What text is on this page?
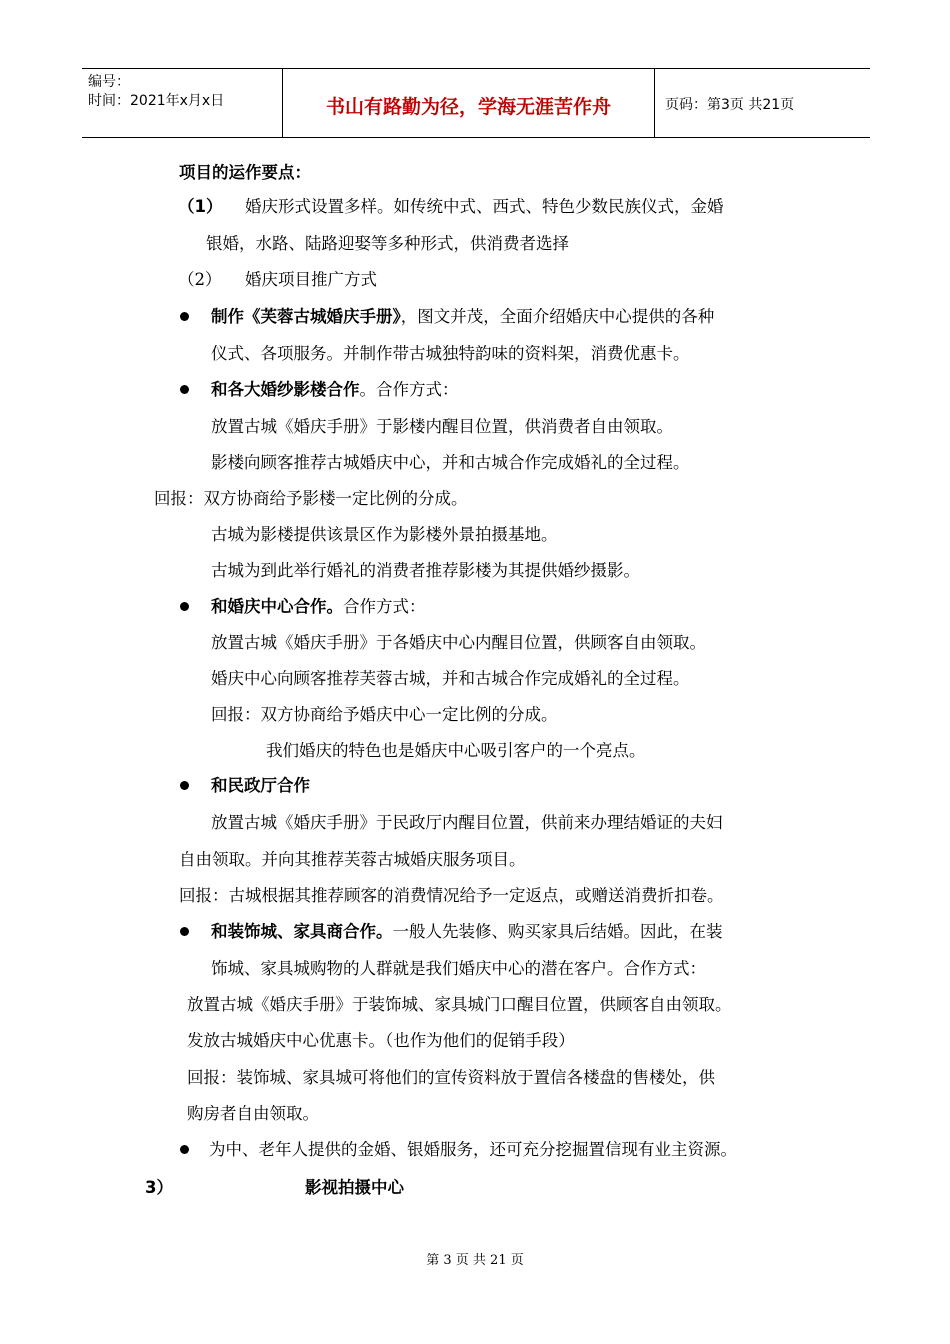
编号：
时间：2021年x月x日	书山有路勤为径，学海无涯苦作舟	页码：第3页 共21页
项目的运作要点：
（1） 婚庆形式设置多样。如传统中式、西式、特色少数民族仪式，金婚
银婚，水路、陆路迎娶等多种形式，供消费者选择
（2） 婚庆项目推广方式
制作《芙蓉古城婚庆手册》，图文并茂，全面介绍婚庆中心提供的各种
仪式、各项服务。并制作带古城独特韵味的资料架，消费优惠卡。
和各大婚纱影楼合作。合作方式：
放置古城《婚庆手册》于影楼内醒目位置，供消费者自由领取。
影楼向顾客推荐古城婚庆中心，并和古城合作完成婚礼的全过程。
回报：双方协商给予影楼一定比例的分成。
古城为影楼提供该景区作为影楼外景拍摄基地。
古城为到此举行婚礼的消费者推荐影楼为其提供婚纱摄影。
和婚庆中心合作。合作方式：
放置古城《婚庆手册》于各婚庆中心内醒目位置，供顾客自由领取。
婚庆中心向顾客推荐芙蓉古城，并和古城合作完成婚礼的全过程。
回报：双方协商给予婚庆中心一定比例的分成。
我们婚庆的特色也是婚庆中心吸引客户的一个亮点。
和民政厅合作
放置古城《婚庆手册》于民政厅内醒目位置，供前来办理结婚证的夫妇
自由领取。并向其推荐芙蓉古城婚庆服务项目。
回报：古城根据其推荐顾客的消费情况给予一定返点，或赠送消费折扣卷。
和装饰城、家具商合作。一般人先装修、购买家具后结婚。因此，在装
饰城、家具城购物的人群就是我们婚庆中心的潜在客户。合作方式：
放置古城《婚庆手册》于装饰城、家具城门口醒目位置，供顾客自由领取。
发放古城婚庆中心优惠卡。（也作为他们的促销手段）
回报：装饰城、家具城可将他们的宣传资料放于置信各楼盘的售楼处，供
购房者自由领取。
为中、老年人提供的金婚、银婚服务，还可充分挖掘置信现有业主资源。
3）	影视拍摄中心
第 3 页 共 21 页
